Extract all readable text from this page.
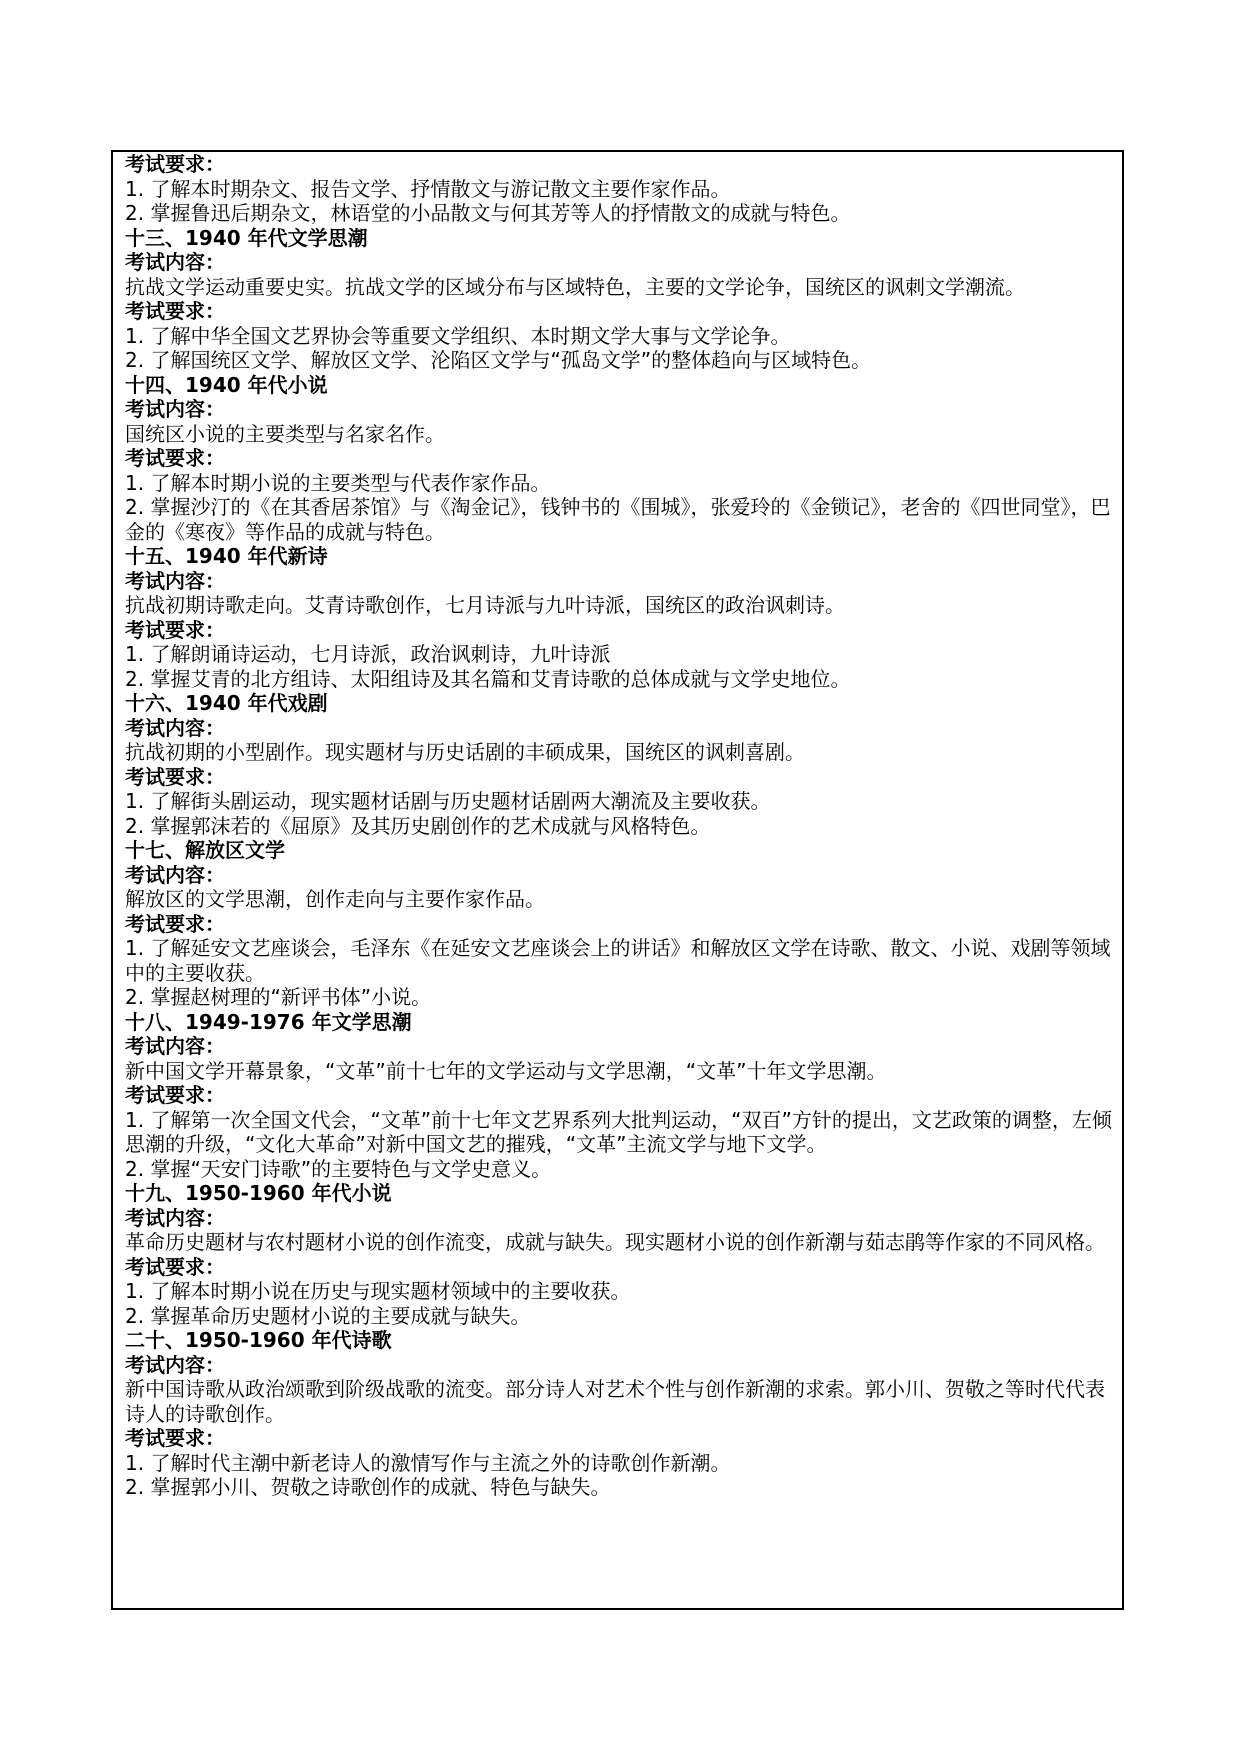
考试要求：
1. 了解本时期杂文、报告文学、抒情散文与游记散文主要作家作品。
2. 掌握鲁迅后期杂文，林语堂的小品散文与何其芳等人的抒情散文的成就与特色。
十三、1940 年代文学思潮
考试内容：
抗战文学运动重要史实。抗战文学的区域分布与区域特色，主要的文学论争，国统区的讽刺文学潮流。
考试要求：
1. 了解中华全国文艺界协会等重要文学组织、本时期文学大事与文学论争。
2. 了解国统区文学、解放区文学、沦陷区文学与“孤岛文学”的整体趋向与区域特色。
十四、1940 年代小说
考试内容：
国统区小说的主要类型与名家名作。
考试要求：
1. 了解本时期小说的主要类型与代表作家作品。
2. 掌握沙汀的《在其香居茶馆》与《淘金记》，钱钟书的《围城》，张爱玲的《金锁记》，老舍的《四世同堂》，巴金的《寒夜》等作品的成就与特色。
十五、1940 年代新诗
考试内容：
抗战初期诗歌走向。艾青诗歌创作，七月诗派与九叶诗派，国统区的政治讽刺诗。
考试要求：
1. 了解朗诵诗运动，七月诗派，政治讽刺诗，九叶诗派
2. 掌握艾青的北方组诗、太阳组诗及其名篇和艾青诗歌的总体成就与文学史地位。
十六、1940 年代戏剧
考试内容：
抗战初期的小型剧作。现实题材与历史话剧的丰硕成果，国统区的讽刺喜剧。
考试要求：
1. 了解街头剧运动，现实题材话剧与历史题材话剧两大潮流及主要收获。
2. 掌握郭沫若的《屈原》及其历史剧创作的艺术成就与风格特色。
十七、解放区文学
考试内容：
解放区的文学思潮，创作走向与主要作家作品。
考试要求：
1. 了解延安文艺座谈会，毛泽东《在延安文艺座谈会上的讲话》和解放区文学在诗歌、散文、小说、戏剧等领域中的主要收获。
2. 掌握赵树理的“新评书体”小说。
十八、1949-1976 年文学思潮
考试内容：
新中国文学开幕景象，“文革”前十七年的文学运动与文学思潮，“文革”十年文学思潮。
考试要求：
1. 了解第一次全国文代会，“文革”前十七年文艺界系列大批判运动，“双百”方针的提出，文艺政策的调整，左倾思潮的升级，“文化大革命”对新中国文艺的摧残，“文革”主流文学与地下文学。
2. 掌握“天安门诗歌”的主要特色与文学史意义。
十九、1950-1960 年代小说
考试内容：
革命历史题材与农村题材小说的创作流变，成就与缺失。现实题材小说的创作新潮与茹志鹃等作家的不同风格。
考试要求：
1. 了解本时期小说在历史与现实题材领域中的主要收获。
2. 掌握革命历史题材小说的主要成就与缺失。
二十、1950-1960 年代诗歌
考试内容：
新中国诗歌从政治颂歌到阶级战歌的流变。部分诗人对艺术个性与创作新潮的求索。郭小川、贺敬之等时代代表诗人的诗歌创作。
考试要求：
1. 了解时代主潮中新老诗人的激情写作与主流之外的诗歌创作新潮。
2. 掌握郭小川、贺敬之诗歌创作的成就、特色与缺失。
